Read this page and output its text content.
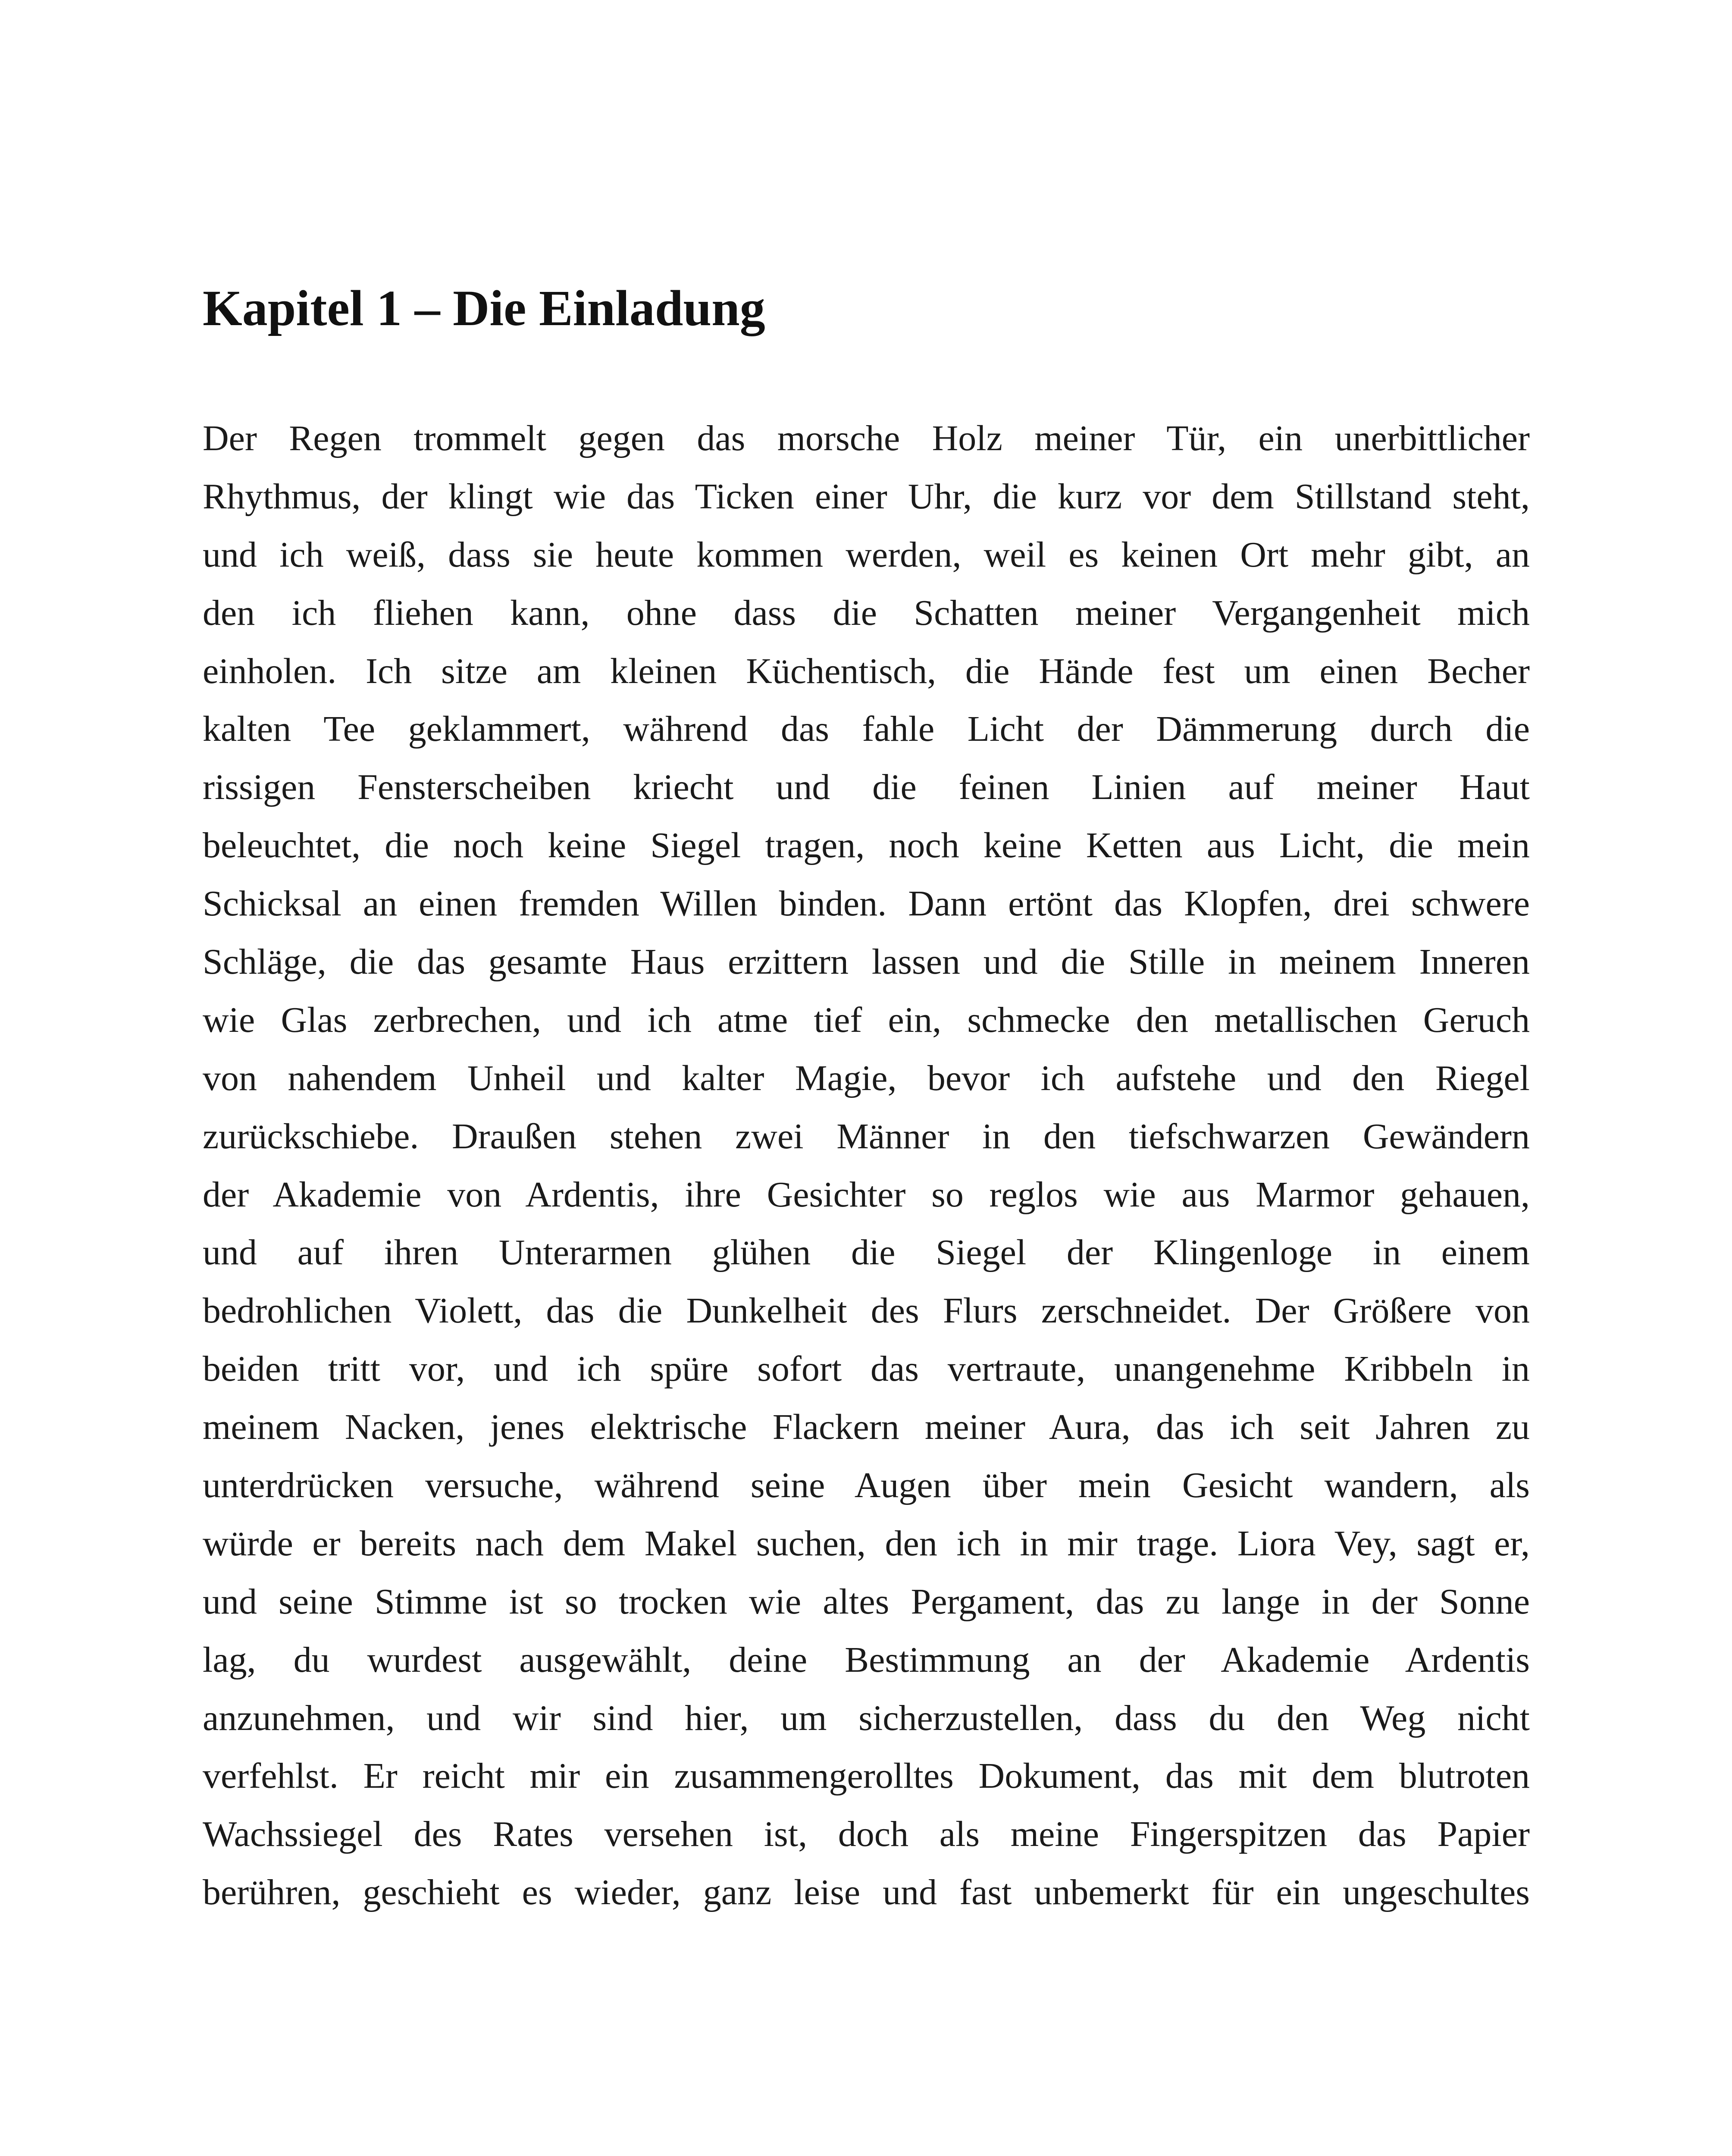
Kapitel 1 – Die Einladung
Der Regen trommelt gegen das morsche Holz meiner Tür, ein unerbittlicher
Rhythmus, der klingt wie das Ticken einer Uhr, die kurz vor dem Stillstand steht,
und ich weiß, dass sie heute kommen werden, weil es keinen Ort mehr gibt, an
den ich fliehen kann, ohne dass die Schatten meiner Vergangenheit mich
einholen. Ich sitze am kleinen Küchentisch, die Hände fest um einen Becher
kalten Tee geklammert, während das fahle Licht der Dämmerung durch die
rissigen Fensterscheiben kriecht und die feinen Linien auf meiner Haut
beleuchtet, die noch keine Siegel tragen, noch keine Ketten aus Licht, die mein
Schicksal an einen fremden Willen binden. Dann ertönt das Klopfen, drei schwere
Schläge, die das gesamte Haus erzittern lassen und die Stille in meinem Inneren
wie Glas zerbrechen, und ich atme tief ein, schmecke den metallischen Geruch
von nahendem Unheil und kalter Magie, bevor ich aufstehe und den Riegel
zurückschiebe. Draußen stehen zwei Männer in den tiefschwarzen Gewändern
der Akademie von Ardentis, ihre Gesichter so reglos wie aus Marmor gehauen,
und auf ihren Unterarmen glühen die Siegel der Klingenloge in einem
bedrohlichen Violett, das die Dunkelheit des Flurs zerschneidet. Der Größere von
beiden tritt vor, und ich spüre sofort das vertraute, unangenehme Kribbeln in
meinem Nacken, jenes elektrische Flackern meiner Aura, das ich seit Jahren zu
unterdrücken versuche, während seine Augen über mein Gesicht wandern, als
würde er bereits nach dem Makel suchen, den ich in mir trage. Liora Vey, sagt er,
und seine Stimme ist so trocken wie altes Pergament, das zu lange in der Sonne
lag, du wurdest ausgewählt, deine Bestimmung an der Akademie Ardentis
anzunehmen, und wir sind hier, um sicherzustellen, dass du den Weg nicht
verfehlst. Er reicht mir ein zusammengerolltes Dokument, das mit dem blutroten
Wachssiegel des Rates versehen ist, doch als meine Fingerspitzen das Papier
berühren, geschieht es wieder, ganz leise und fast unbemerkt für ein ungeschultes
